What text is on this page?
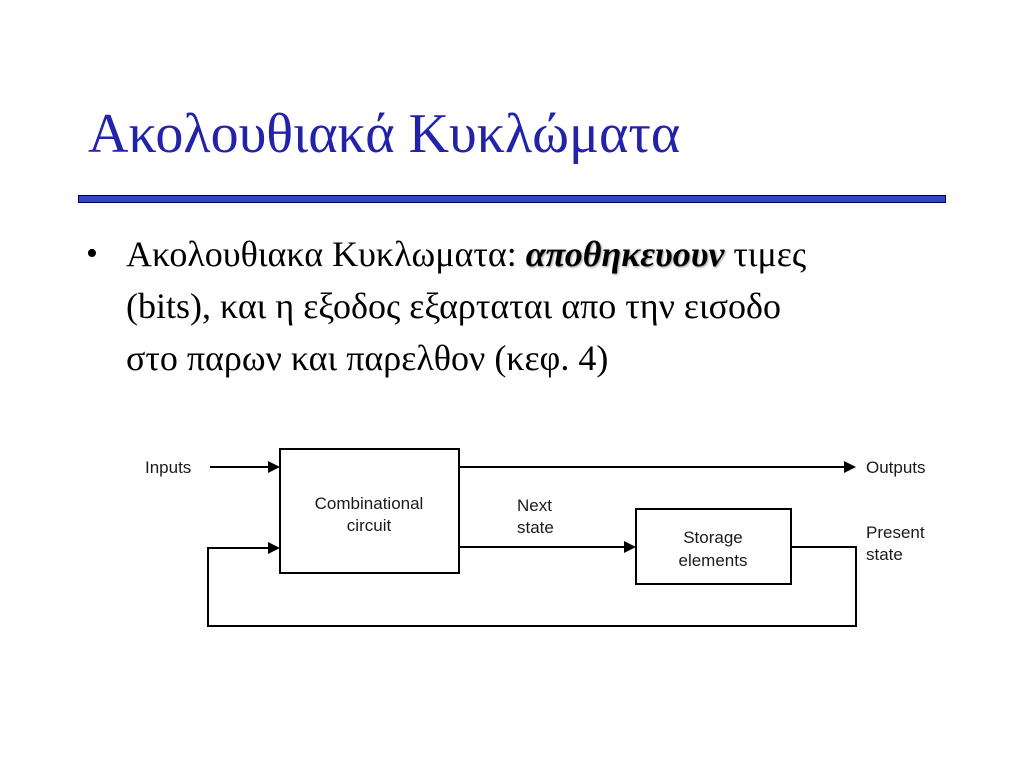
Ακολουθιακά Κυκλώματα
• Ακολουθιακα Κυκλωματα: αποθηκευουν τιμες
(bits), και η εξοδος εξαρταται απο την εισοδο
στο παρων και παρελθον (κεφ. 4)
Inputs	Outputs
Combinational
circuit
Next
state
Storage
elements
Present
state
